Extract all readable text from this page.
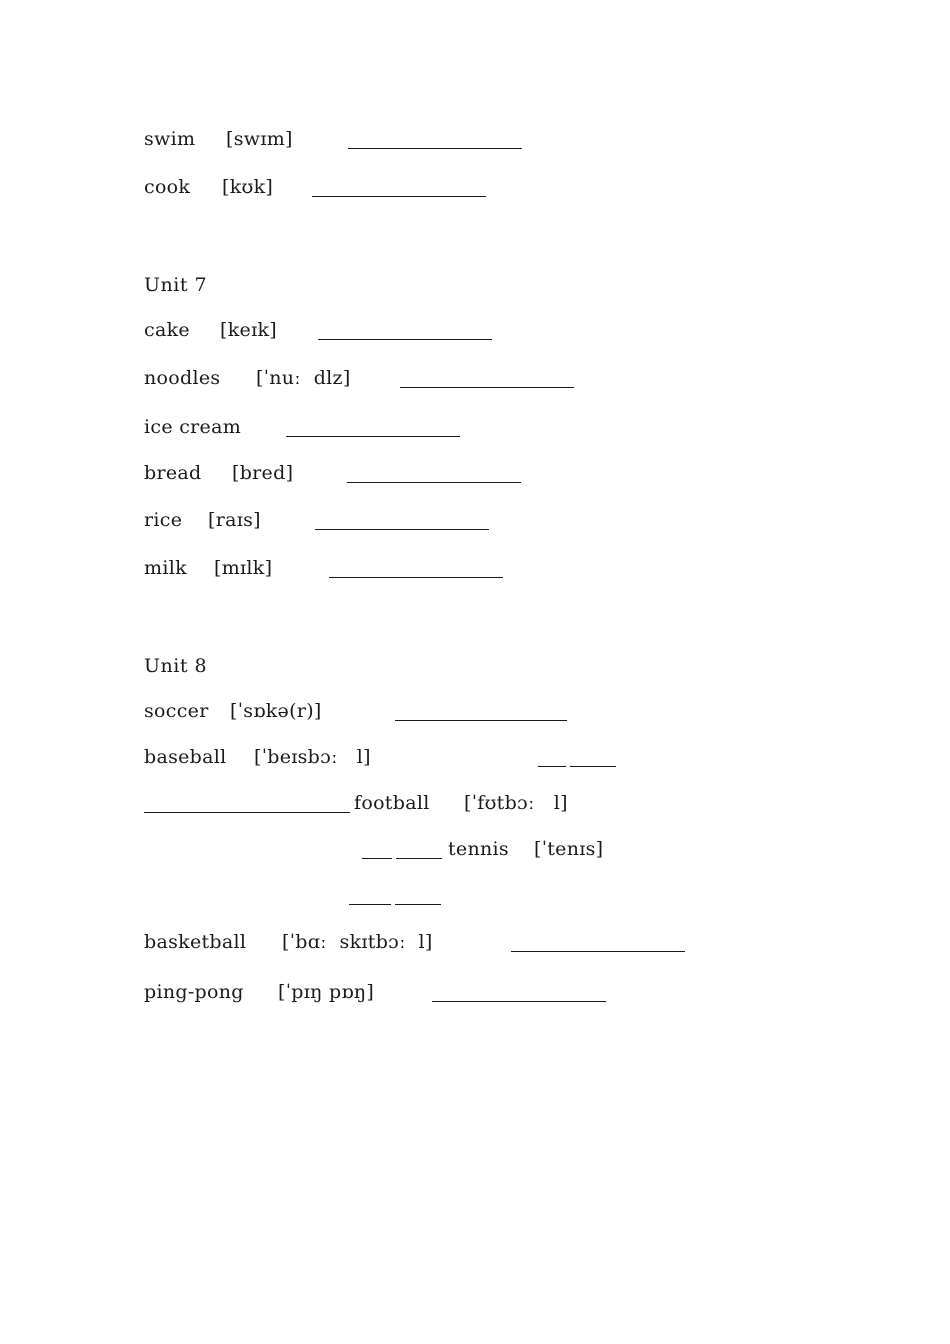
swim [swɪm]
cook [kʊk]
Unit 7
cake [keɪk]
noodles [ˈnuː  dlz]
ice cream
bread [bred]
rice [raɪs]
milk [mɪlk]
Unit 8
soccer [ˈsɒkə(r)]
baseball [ˈbeɪsbɔː   l]
football [ˈfʊtbɔː   l]
tennis [ˈtenɪs]
basketball [ˈbɑː  skɪtbɔː  l]
ping-pong [ˈpɪŋ pɒŋ]
